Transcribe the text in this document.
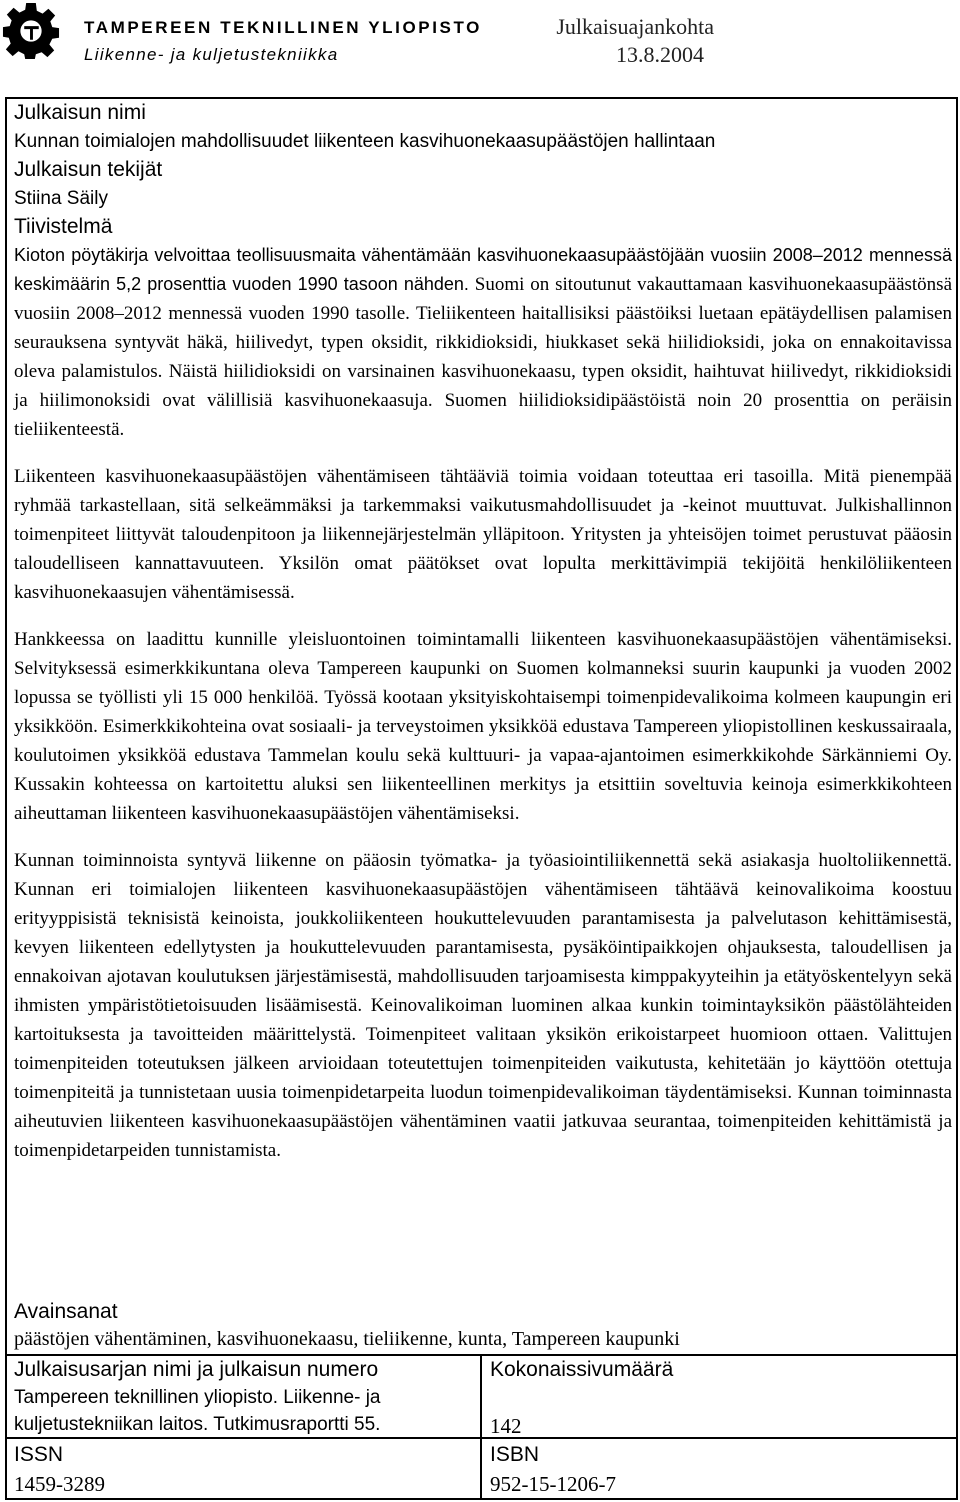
TAMPEREEN TEKNILLINEN YLIOPISTO
Liikenne- ja kuljetustekniikka
Julkaisuajankohta
13.8.2004
Julkaisun nimi
Kunnan toimialojen mahdollisuudet liikenteen kasvihuonekaasupäästöjen hallintaan
Julkaisun tekijät
Stiina Säily
Tiivistelmä

Kioton pöytäkirja velvoittaa teollisuusmaita vähentämään kasvihuonekaasupäästöjään vuosiin 2008–2012 mennessä keskimäärin 5,2 prosenttia vuoden 1990 tasoon nähden. Suomi on sitoutunut vakauttamaan kasvihuonekaasupäästönsä vuosiin 2008–2012 mennessä vuoden 1990 tasolle. Tieliikenteen haitallisiksi päästöiksi luetaan epätäydellisen palamisen seurauksena syntyvät häkä, hiilivedyt, typen oksidit, rikkidioksidi, hiukkaset sekä hiilidioksidi, joka on ennakoitavissa oleva palamistulos. Näistä hiilidioksidi on varsinainen kasvihuonekaasu, typen oksidit, haihtuvat hiilivedyt, rikkidioksidi ja hiilimonoksidi ovat välillisiä kasvihuonekaasuja. Suomen hiilidioksidipäästöistä noin 20 prosenttia on peräisin tieliikenteestä.

Liikenteen kasvihuonekaasupäästöjen vähentämiseen tähtääviä toimia voidaan toteuttaa eri tasoilla. Mitä pienempää ryhmää tarkastellaan, sitä selkeämmäksi ja tarkemmaksi vaikutusmahdollisuudet ja -keinot muuttuvat. Julkishallinnon toimenpiteet liittyvät taloudenpitoon ja liikennejärjestelmän ylläpitoon. Yritysten ja yhteisöjen toimet perustuvat pääosin taloudelliseen kannattavuuteen. Yksilön omat päätökset ovat lopulta merkittävimpiä tekijöitä henkilöliikenteen kasvihuonekaasujen vähentämisessä.

Hankkeessa on laadittu kunnille yleisluontoinen toimintamalli liikenteen kasvihuonekaasupäästöjen vähentämiseksi. Selvityksessä esimerkkikuntana oleva Tampereen kaupunki on Suomen kolmanneksi suurin kaupunki ja vuoden 2002 lopussa se työllisti yli 15 000 henkilöä. Työssä kootaan yksityiskohtaisempi toimenpidevalikoima kolmeen kaupungin eri yksikköön. Esimerkkikohteina ovat sosiaali- ja terveystoimen yksikköä edustava Tampereen yliopistollinen keskussairaala, koulutoimen yksikköä edustava Tammelan koulu sekä kulttuuri- ja vapaa-ajantoimen esimerkkikohde Särkänniemi Oy. Kussakin kohteessa on kartoitettu aluksi sen liikenteellinen merkitys ja etsittiin soveltuvia keinoja esimerkkikohteen aiheuttaman liikenteen kasvihuonekaasupäästöjen vähentämiseksi.

Kunnan toiminnoista syntyvä liikenne on pääosin työmatka- ja työasiointiliikennettä sekä asiakasja huoltoliikennettä. Kunnan eri toimialojen liikenteen kasvihuonekaasupäästöjen vähentämiseen tähtäävä keinovalikoima koostuu erityyppisistä teknisistä keinoista, joukkoliikenteen houkuttelevuuden parantamisesta ja palvelutason kehittämisestä, kevyen liikenteen edellytysten ja houkuttelevuuden parantamisesta, pysäköintipaikkojen ohjauksesta, taloudellisen ja ennakoivan ajotavan koulutuksen järjestämisestä, mahdollisuuden tarjoamisesta kimppakyyteihin ja etätyöskentelyyn sekä ihmisten ympäristötietoisuuden lisäämisestä. Keinovalikoiman luominen alkaa kunkin toimintayksikön päästölähteiden kartoituksesta ja tavoitteiden määrittelystä. Toimenpiteet valitaan yksikön erikoistarpeet huomioon ottaen. Valittujen toimenpiteiden toteutuksen jälkeen arvioidaan toteutettujen toimenpiteiden vaikutusta, kehitetään jo käyttöön otettuja toimenpiteitä ja tunnistetaan uusia toimenpidetarpeita luodun toimenpidevalikoiman täydentämiseksi. Kunnan toiminnasta aiheutuvien liikenteen kasvihuonekaasupäästöjen vähentäminen vaatii jatkuvaa seurantaa, toimenpiteiden kehittämistä ja toimenpidetarpeiden tunnistamista.

Avainsanat
päästöjen vähentäminen, kasvihuonekaasu, tieliikenne, kunta, Tampereen kaupunki
Julkaisusarjan nimi ja julkaisun numero
Tampereen teknillinen yliopisto. Liikenne- ja
kuljetustekniikan laitos. Tutkimusraportti 55.
Kokonaissivumäärä
142
ISSN
1459-3289
ISBN
952-15-1206-7
